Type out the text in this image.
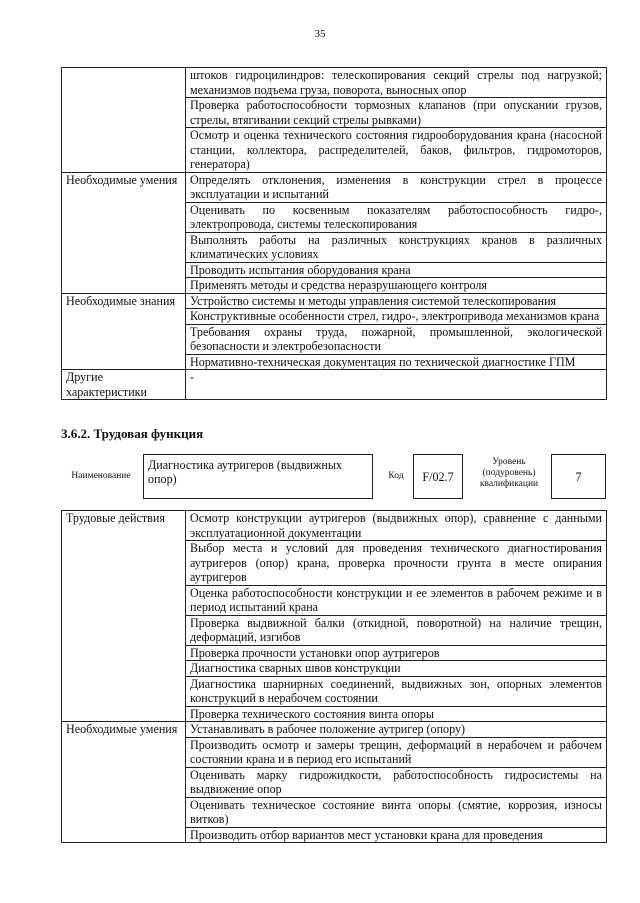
35
	штоков гидроцилиндров: телескопирования секций стрелы под нагрузкой; механизмов подъема груза, поворота, выносных опор
	Проверка работоспособности тормозных клапанов (при опускании грузов, стрелы, втягивании секций стрелы рывками)
	Осмотр и оценка технического состояния гидрооборудования крана (насосной станции, коллектора, распределителей, баков, фильтров, гидромоторов, генератора)
Необходимые умения	Определять отклонения, изменения в конструкции стрел в процессе эксплуатации и испытаний
	Оценивать по косвенным показателям работоспособность гидро-, электропровода, системы телескопирования
	Выполнять работы на различных конструкциях кранов в различных климатических условиях
	Проводить испытания оборудования крана
	Применять методы и средства неразрушающего контроля
Необходимые знания	Устройство системы и методы управления системой телескопирования
	Конструктивные особенности стрел, гидро-, электропривода механизмов крана
	Требования охраны труда, пожарной, промышленной, экологической безопасности и электробезопасности
	Нормативно-техническая документация по технической диагностике ГПМ
Другие характеристики	-
3.6.2. Трудовая функция
Наименование
Диагностика аутригеров (выдвижных опор)	Код	F/02.7
Уровень (подуровень) квалификации	7
Трудовые действия	Осмотр конструкции аутригеров (выдвижных опор), сравнение с данными эксплуатационной документации
	Выбор места и условий для проведения технического диагностирования аутригеров (опор) крана, проверка прочности грунта в месте опирания аутригеров
	Оценка работоспособности конструкции и ее элементов в рабочем режиме и в период испытаний крана
	Проверка выдвижной балки (откидной, поворотной) на наличие трещин, деформаций, изгибов
	Проверка прочности установки опор аутригеров
	Диагностика сварных швов конструкции
	Диагностика шарнирных соединений, выдвижных зон, опорных элементов конструкций в нерабочем состоянии
	Проверка технического состояния винта опоры
Необходимые умения	Устанавливать в рабочее положение аутригер (опору)
	Производить осмотр и замеры трещин, деформаций в нерабочем и рабочем состоянии крана и в период его испытаний
	Оценивать марку гидрожидкости, работоспособность гидросистемы на выдвижение опор
	Оценивать техническое состояние винта опоры (смятие, коррозия, износы витков)
	Производить отбор вариантов мест установки крана для проведения
